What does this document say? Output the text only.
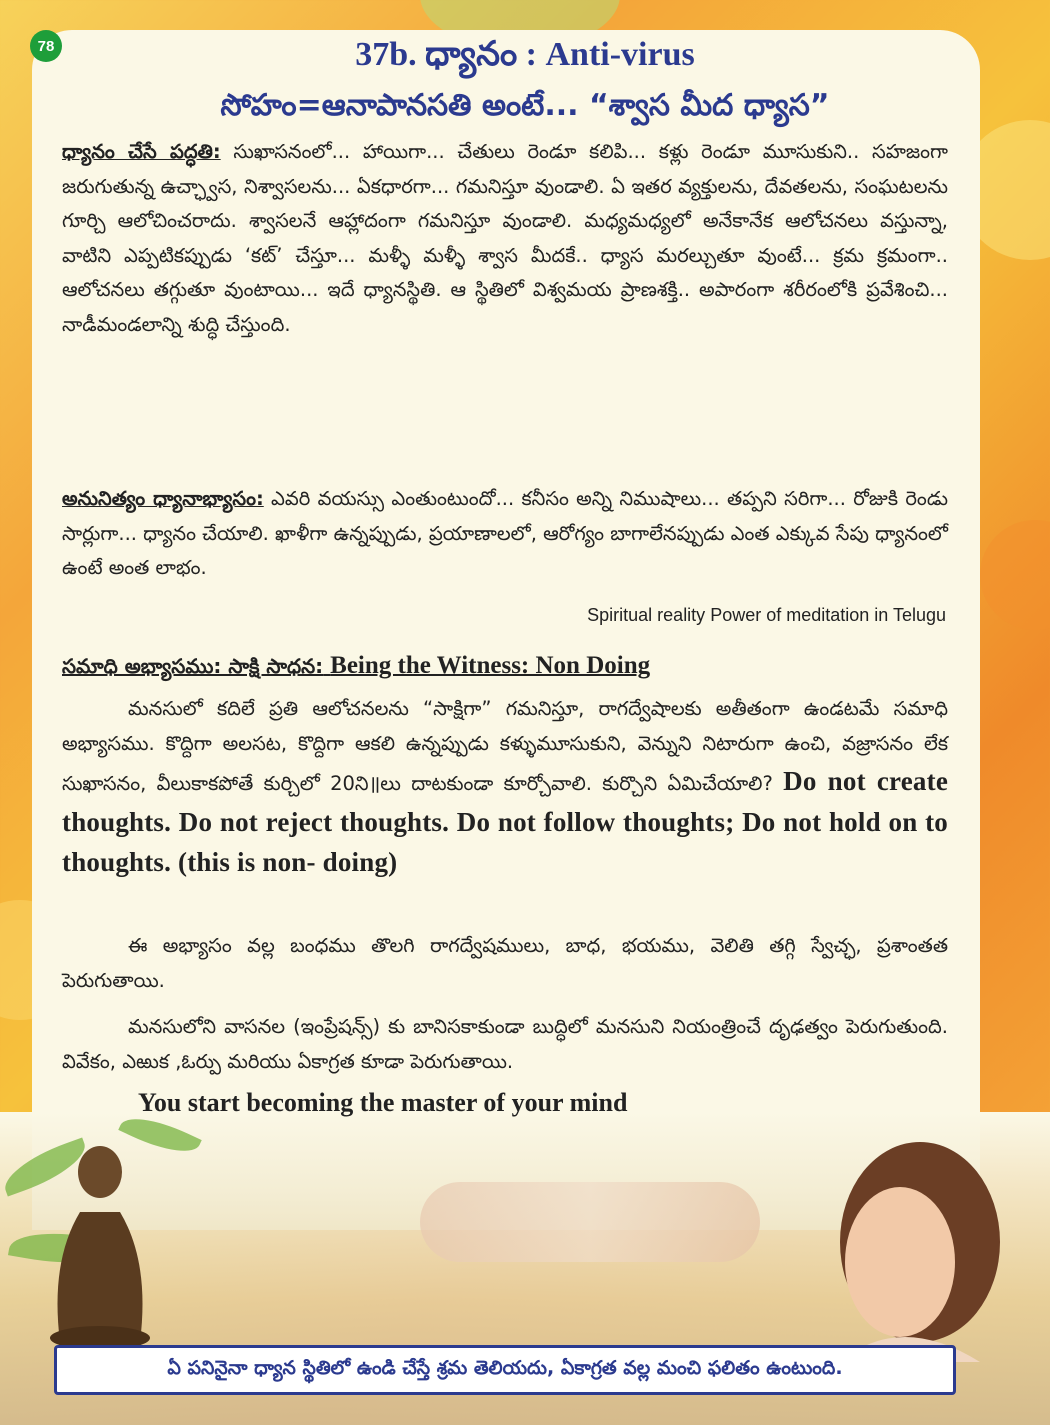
78	37b. ధ్యానం : Anti-virus
సోహం=ఆనాపానసతి అంటే... “శ్వాస మీద ధ్యాస”
ధ్యానం చేసే పద్ధతి: సుఖాసనంలో... హాయిగా... చేతులు రెండూ కలిపి... కళ్లు రెండూ మూసుకుని.. సహజంగా జరుగుతున్న ఉచ్ఛ్వాస, నిశ్వాసలను... ఏకధారగా... గమనిస్తూ వుండాలి. ఏ ఇతర వ్యక్తులను, దేవతలను, సంఘటలను గూర్చి ఆలోచించరాదు. శ్వాసలనే ఆహ్లాదంగా గమనిస్తూ వుండాలి. మధ్యమధ్యలో అనేకానేక ఆలోచనలు వస్తున్నా, వాటిని ఎప్పటికప్పుడు ‘కట్’ చేస్తూ... మళ్ళీ మళ్ళీ శ్వాస మీదకే.. ధ్యాస మరల్చుతూ వుంటే... క్రమ క్రమంగా.. ఆలోచనలు తగ్గుతూ వుంటాయి... ఇదే ధ్యానస్థితి. ఆ స్థితిలో విశ్వమయ ప్రాణశక్తి.. అపారంగా శరీరంలోకి ప్రవేశించి... నాడీమండలాన్ని శుద్ధి చేస్తుంది.
అనునిత్యం ధ్యానాభ్యాసం: ఎవరి వయస్సు ఎంతుంటుందో... కనీసం అన్ని నిముషాలు... తప్పని సరిగా... రోజుకి రెండు సార్లుగా... ధ్యానం చేయాలి. ఖాళీగా ఉన్నప్పుడు, ప్రయాణాలలో, ఆరోగ్యం బాగాలేనప్పుడు ఎంత ఎక్కువ సేపు ధ్యానంలో ఉంటే అంత లాభం.
Spiritual reality Power of meditation in Telugu
సమాధి అభ్యాసము: సాక్షి సాధన: Being the Witness: Non Doing
మనసులో కదిలే ప్రతి ఆలోచనలను “సాక్షిగా” గమనిస్తూ, రాగద్వేషాలకు అతీతంగా ఉండటమే సమాధి అభ్యాసము. కొద్దిగా అలసట, కొద్దిగా ఆకలి ఉన్నప్పుడు కళ్ళుమూసుకుని, వెన్నుని నిటారుగా ఉంచి, వజ్రాసనం లేక సుఖాసనం, వీలుకాకపోతే కుర్చిలో 20ని॥లు దాటకుండా కూర్చోవాలి. కుర్చొని ఏమిచేయాలి? Do not create thoughts. Do not reject thoughts. Do not follow thoughts; Do not hold on to thoughts. (this is non- doing)
ఈ అభ్యాసం వల్ల బంధము తొలగి రాగద్వేషములు, బాధ, భయము, వెలితి తగ్గి స్వేచ్ఛ, ప్రశాంతత పెరుగుతాయి.
మనసులోని వాసనల (ఇంప్రేషన్స్) కు బానిసకాకుండా బుద్ధిలో మనసుని నియంత్రించే దృఢత్వం పెరుగుతుంది. వివేకం, ఎఱుక ,ఓర్పు మరియు ఏకాగ్రత కూడా పెరుగుతాయి.
You start becoming the master of your mind
ఏ పనినైనా ధ్యాన స్థితిలో ఉండి చేస్తే శ్రమ తెలియదు, ఏకాగ్రత వల్ల మంచి ఫలితం ఉంటుంది.
